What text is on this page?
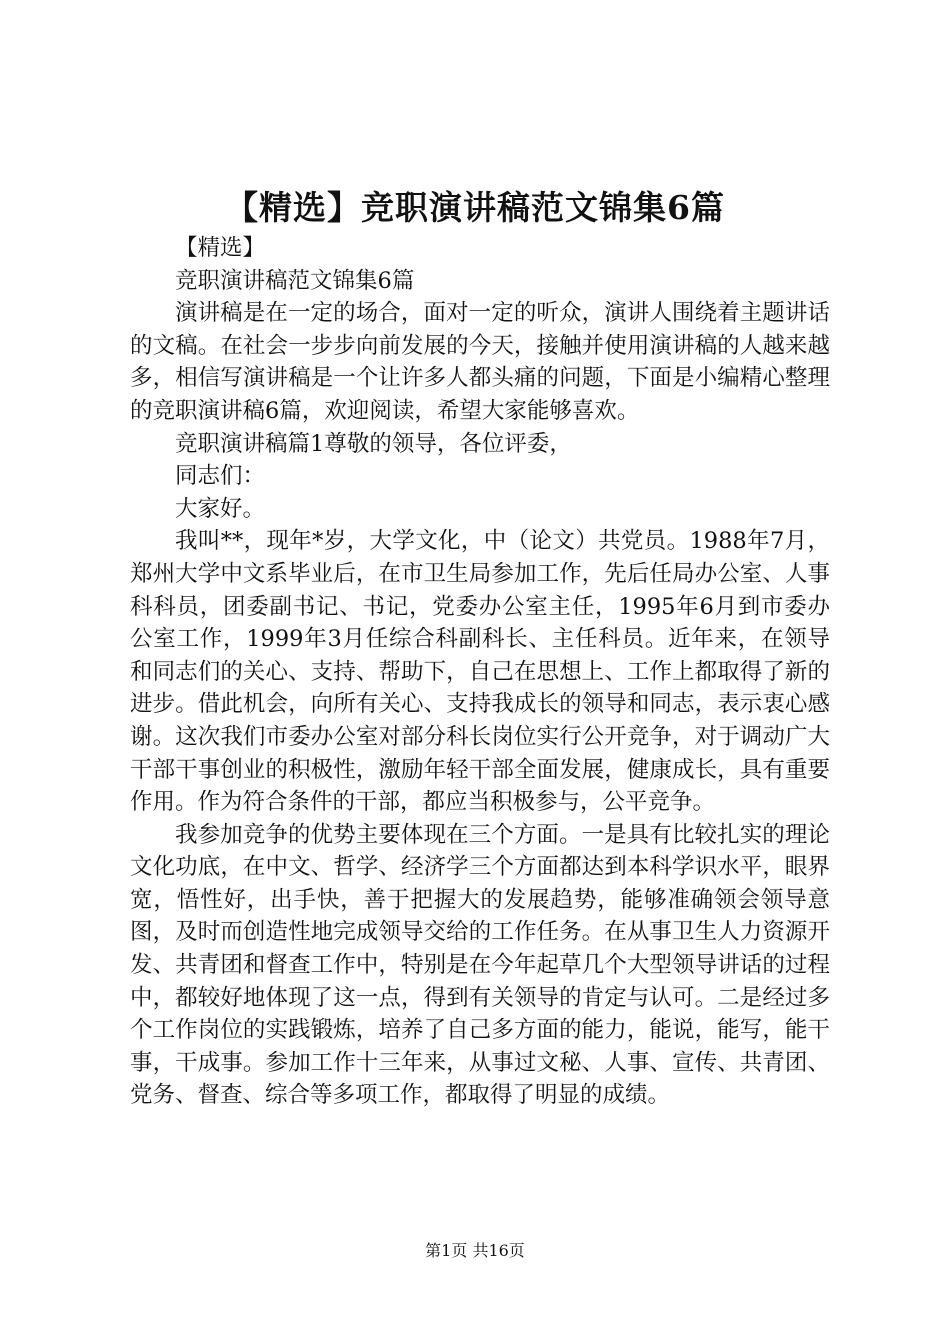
【精选】竞职演讲稿范文锦集6篇

【精选】

竞职演讲稿范文锦集6篇

演讲稿是在一定的场合，面对一定的听众，演讲人围绕着主题讲话的文稿。在社会一步步向前发展的今天，接触并使用演讲稿的人越来越多，相信写演讲稿是一个让许多人都头痛的问题，下面是小编精心整理的竞职演讲稿6篇，欢迎阅读，希望大家能够喜欢。

竞职演讲稿篇1尊敬的领导，各位评委，

同志们：

大家好。

我叫**，现年*岁，大学文化，中（论文）共党员。1988年7月，郑州大学中文系毕业后，在市卫生局参加工作，先后任局办公室、人事科科员，团委副书记、书记，党委办公室主任，1995年6月到市委办公室工作，1999年3月任综合科副科长、主任科员。近年来，在领导和同志们的关心、支持、帮助下，自己在思想上、工作上都取得了新的进步。借此机会，向所有关心、支持我成长的领导和同志，表示衷心感谢。这次我们市委办公室对部分科长岗位实行公开竞争，对于调动广大干部干事创业的积极性，激励年轻干部全面发展，健康成长，具有重要作用。作为符合条件的干部，都应当积极参与，公平竞争。

我参加竞争的优势主要体现在三个方面。一是具有比较扎实的理论文化功底，在中文、哲学、经济学三个方面都达到本科学识水平，眼界宽，悟性好，出手快，善于把握大的发展趋势，能够准确领会领导意图，及时而创造性地完成领导交给的工作任务。在从事卫生人力资源开发、共青团和督查工作中，特别是在今年起草几个大型领导讲话的过程中，都较好地体现了这一点，得到有关领导的肯定与认可。二是经过多个工作岗位的实践锻炼，培养了自己多方面的能力，能说，能写，能干事，干成事。参加工作十三年来，从事过文秘、人事、宣传、共青团、党务、督查、综合等多项工作，都取得了明显的成绩。

第1页 共16页
